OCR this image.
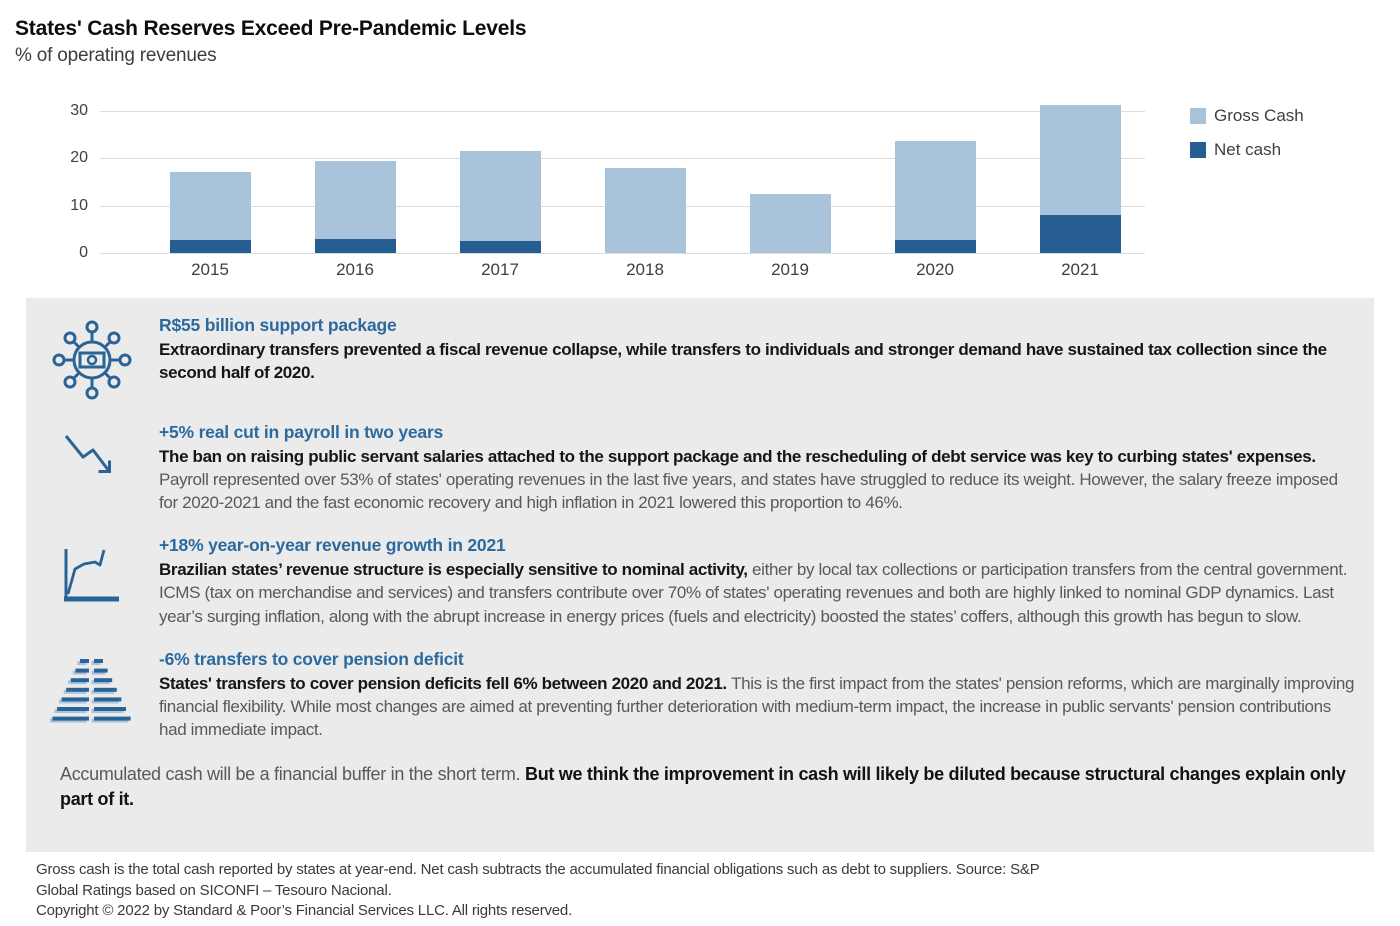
States' Cash Reserves Exceed Pre-Pandemic Levels
% of operating revenues
0
10
20
30
2015	2016	2017	2018	2019	2020	2021
Gross Cash
Net cash

R$55 billion support package

Extraordinary transfers prevented a fiscal revenue collapse, while transfers to individuals and stronger demand have sustained tax collection since the second half of 2020.

+5% real cut in payroll in two years

The ban on raising public servant salaries attached to the support package and the rescheduling of debt service was key to curbing states' expenses. Payroll represented over 53% of states' operating revenues in the last five years, and states have struggled to reduce its weight. However, the salary freeze imposed for 2020-2021 and the fast economic recovery and high inflation in 2021 lowered this proportion to 46%.

+18% year-on-year revenue growth in 2021

Brazilian states’ revenue structure is especially sensitive to nominal activity, either by local tax collections or participation transfers from the central government. ICMS (tax on merchandise and services) and transfers contribute over 70% of states' operating revenues and both are highly linked to nominal GDP dynamics. Last year’s surging inflation, along with the abrupt increase in energy prices (fuels and electricity) boosted the states’ coffers, although this growth has begun to slow.

-6% transfers to cover pension deficit

States' transfers to cover pension deficits fell 6% between 2020 and 2021. This is the first impact from the states' pension reforms, which are marginally improving financial flexibility. While most changes are aimed at preventing further deterioration with medium-term impact, the increase in public servants' pension contributions had immediate impact.

Accumulated cash will be a financial buffer in the short term. But we think the improvement in cash will likely be diluted because structural changes explain only part of it.

Gross cash is the total cash reported by states at year-end. Net cash subtracts the accumulated financial obligations such as debt to suppliers. Source: S&P Global Ratings based on SICONFI – Tesouro Nacional.

Copyright © 2022 by Standard & Poor’s Financial Services LLC. All rights reserved.
